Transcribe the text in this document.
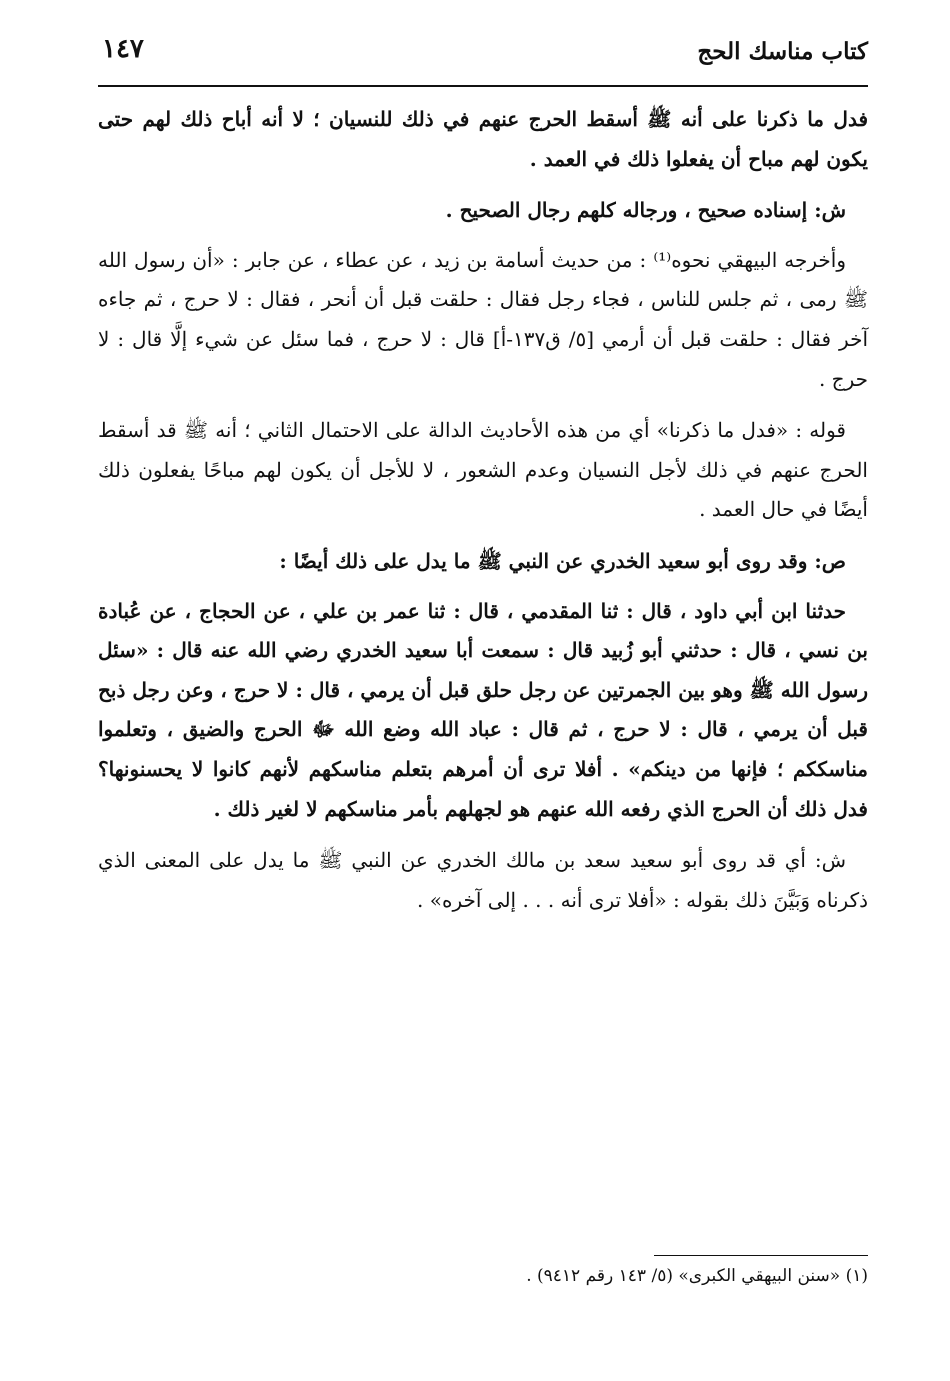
كتاب مناسك الحج
١٤٧

فدل ما ذكرنا على أنه ﷺ أسقط الحرج عنهم في ذلك للنسيان ؛ لا أنه أباح ذلك لهم حتى يكون لهم مباح أن يفعلوا ذلك في العمد .

ش: إسناده صحيح ، ورجاله كلهم رجال الصحيح .

وأخرجه البيهقي نحوه⁽¹⁾ : من حديث أسامة بن زيد ، عن عطاء ، عن جابر : «أن رسول الله ﷺ رمى ، ثم جلس للناس ، فجاء رجل فقال : حلقت قبل أن أنحر ، فقال : لا حرج ، ثم جاءه آخر فقال : حلقت قبل أن أرمي [٥/ ق١٣٧-أ] قال : لا حرج ، فما سئل عن شيء إلَّا قال : لا حرج .

قوله : «فدل ما ذكرنا» أي من هذه الأحاديث الدالة على الاحتمال الثاني ؛ أنه ﷺ قد أسقط الحرج عنهم في ذلك لأجل النسيان وعدم الشعور ، لا للأجل أن يكون لهم مباحًا يفعلون ذلك أيضًا في حال العمد .

ص: وقد روى أبو سعيد الخدري عن النبي ﷺ ما يدل على ذلك أيضًا :

حدثنا ابن أبي داود ، قال : ثنا المقدمي ، قال : ثنا عمر بن علي ، عن الحجاج ، عن عُبادة بن نسي ، قال : حدثني أبو زُبيد قال : سمعت أبا سعيد الخدري رضي الله عنه قال : «سئل رسول الله ﷺ وهو بين الجمرتين عن رجل حلق قبل أن يرمي ، قال : لا حرج ، وعن رجل ذبح قبل أن يرمي ، قال : لا حرج ، ثم قال : عباد الله وضع الله ﷻ الحرج والضيق ، وتعلموا مناسككم ؛ فإنها من دينكم» . أفلا ترى أن أمرهم بتعلم مناسكهم لأنهم كانوا لا يحسنونها؟ فدل ذلك أن الحرج الذي رفعه الله عنهم هو لجهلهم بأمر مناسكهم لا لغير ذلك .

ش: أي قد روى أبو سعيد سعد بن مالك الخدري عن النبي ﷺ ما يدل على المعنى الذي ذكرناه وَبَيَّنَ ذلك بقوله : «أفلا ترى أنه . . . إلى آخره» .

(١) «سنن البيهقي الكبرى» (٥/ ١٤٣ رقم ٩٤١٢) .
